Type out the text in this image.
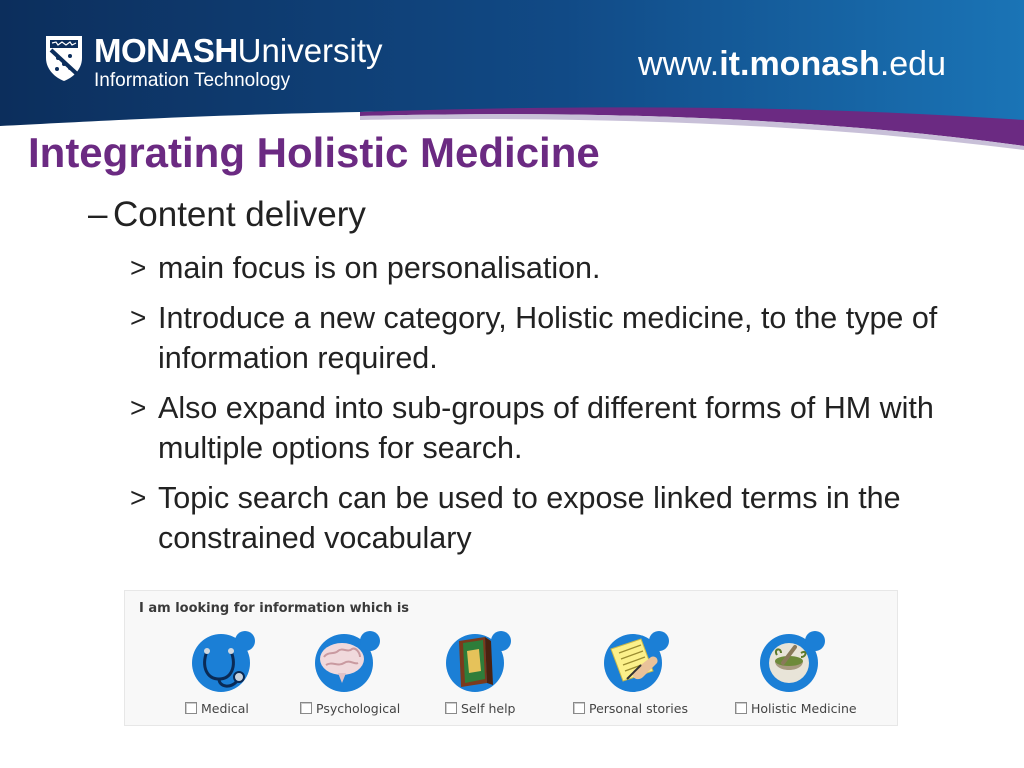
MONASHUniversity
Information Technology	www.it.monash.edu
Integrating Holistic Medicine
– Content delivery
> main focus is on personalisation.
> Introduce a new category, Holistic medicine, to the type of information required.
> Also expand into sub-groups of different forms of HM with multiple options for search.
> Topic search can be used to expose linked terms in the constrained vocabulary
I am looking for information which is
Medical	Psychological	Self help	Personal stories	Holistic Medicine
